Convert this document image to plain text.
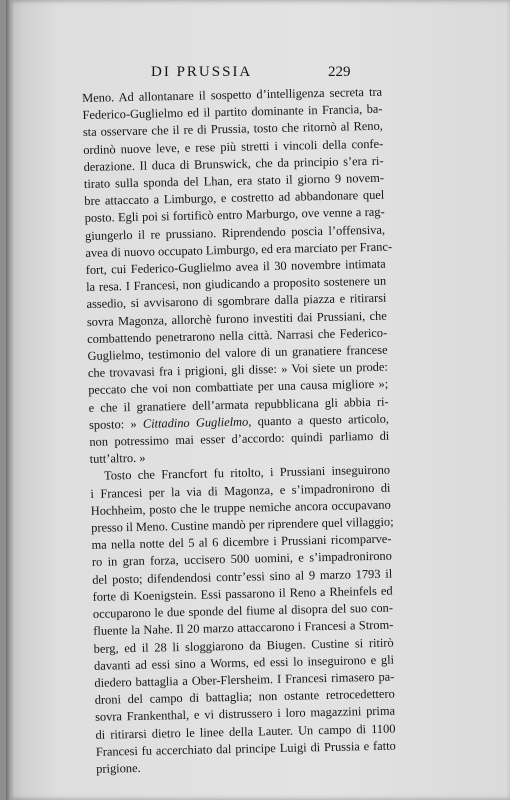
DI PRUSSIA	229

Meno. Ad allontanare il sospetto d’intelligenza secreta tra
Federico-Guglielmo ed il partito dominante in Francia, ba-
sta osservare che il re di Prussia, tosto che ritornò al Reno,
ordinò nuove leve, e rese più stretti i vincoli della confe-
derazione. Il duca di Brunswick, che da principio s’era ri-
tirato sulla sponda del Lhan, era stato il giorno 9 novem-
bre attaccato a Limburgo, e costretto ad abbandonare quel
posto. Egli poi si fortificò entro Marburgo, ove venne a rag-
giungerlo il re prussiano. Riprendendo poscia l’offensiva,
avea di nuovo occupato Limburgo, ed era marciato per Franc-
fort, cui Federico-Guglielmo avea il 30 novembre intimata
la resa. I Francesi, non giudicando a proposito sostenere un
assedio, si avvisarono di sgombrare dalla piazza e ritirarsi
sovra Magonza, allorchè furono investiti dai Prussiani, che
combattendo penetrarono nella città. Narrasi che Federico-
Guglielmo, testimonio del valore di un granatiere francese
che trovavasi fra i prigioni, gli disse: » Voi siete un prode:
peccato che voi non combattiate per una causa migliore »;
e che il granatiere dell’armata repubblicana gli abbia ri-
sposto: » Cittadino Guglielmo, quanto a questo articolo,
non potressimo mai esser d’accordo: quindi parliamo di
tutt’altro. »

Tosto che Francfort fu ritolto, i Prussiani inseguirono
i Francesi per la via di Magonza, e s’impadronirono di
Hochheim, posto che le truppe nemiche ancora occupavano
presso il Meno. Custine mandò per riprendere quel villaggio;
ma nella notte del 5 al 6 dicembre i Prussiani ricomparve-
ro in gran forza, uccisero 500 uomini, e s’impadronirono
del posto; difendendosi contr’essi sino al 9 marzo 1793 il
forte di Koenigstein. Essi passarono il Reno a Rheinfels ed
occuparono le due sponde del fiume al disopra del suo con-
fluente la Nahe. Il 20 marzo attaccarono i Francesi a Strom-
berg, ed il 28 li sloggiarono da Biugen. Custine si ritirò
davanti ad essi sino a Worms, ed essi lo inseguirono e gli
diedero battaglia a Ober-Flersheim. I Francesi rimasero pa-
droni del campo di battaglia; non ostante retrocedettero
sovra Frankenthal, e vi distrussero i loro magazzini prima
di ritirarsi dietro le linee della Lauter. Un campo di 1100
Francesi fu accerchiato dal principe Luigi di Prussia e fatto
prigione.
